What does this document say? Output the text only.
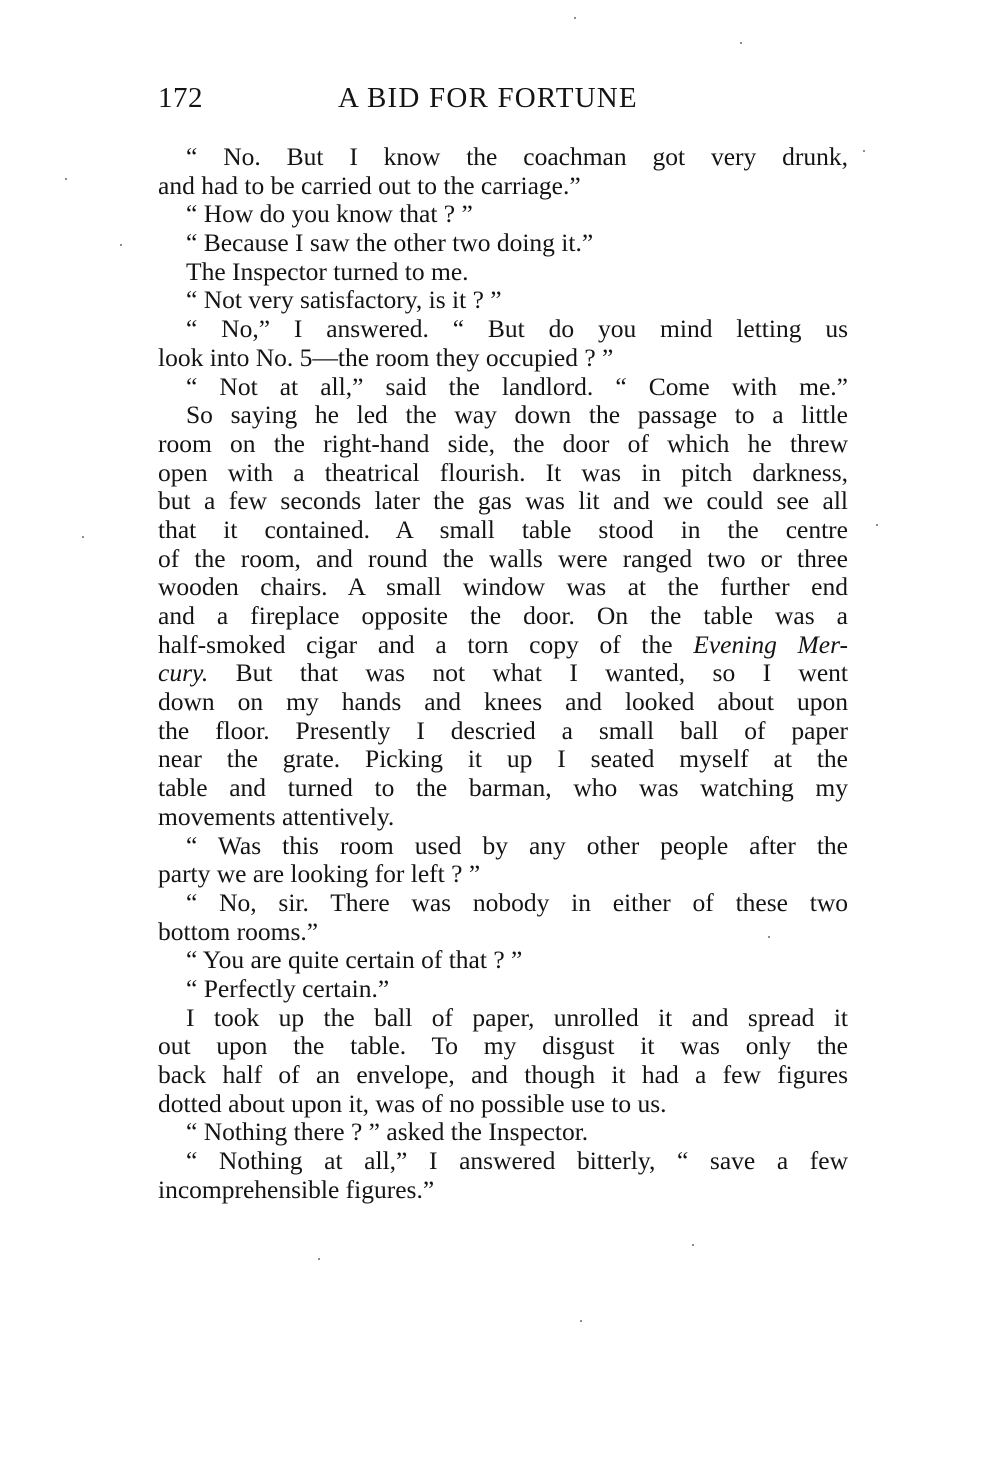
172	A BID FOR FORTUNE
“ No. But I know the coachman got very drunk,
and had to be carried out to the carriage.”
“ How do you know that ? ”
“ Because I saw the other two doing it.”
The Inspector turned to me.
“ Not very satisfactory, is it ? ”
“ No,” I answered. “ But do you mind letting us
look into No. 5—the room they occupied ? ”
“ Not at all,” said the landlord. “ Come with me.”
So saying he led the way down the passage to a little
room on the right-hand side, the door of which he threw
open with a theatrical flourish. It was in pitch darkness,
but a few seconds later the gas was lit and we could see all
that it contained. A small table stood in the centre
of the room, and round the walls were ranged two or three
wooden chairs. A small window was at the further end
and a fireplace opposite the door. On the table was a
half-smoked cigar and a torn copy of the Evening Mer-
cury. But that was not what I wanted, so I went
down on my hands and knees and looked about upon
the floor. Presently I descried a small ball of paper
near the grate. Picking it up I seated myself at the
table and turned to the barman, who was watching my
movements attentively.
“ Was this room used by any other people after the
party we are looking for left ? ”
“ No, sir. There was nobody in either of these two
bottom rooms.”
“ You are quite certain of that ? ”
“ Perfectly certain.”
I took up the ball of paper, unrolled it and spread it
out upon the table. To my disgust it was only the
back half of an envelope, and though it had a few figures
dotted about upon it, was of no possible use to us.
“ Nothing there ? ” asked the Inspector.
“ Nothing at all,” I answered bitterly, “ save a few
incomprehensible figures.”
